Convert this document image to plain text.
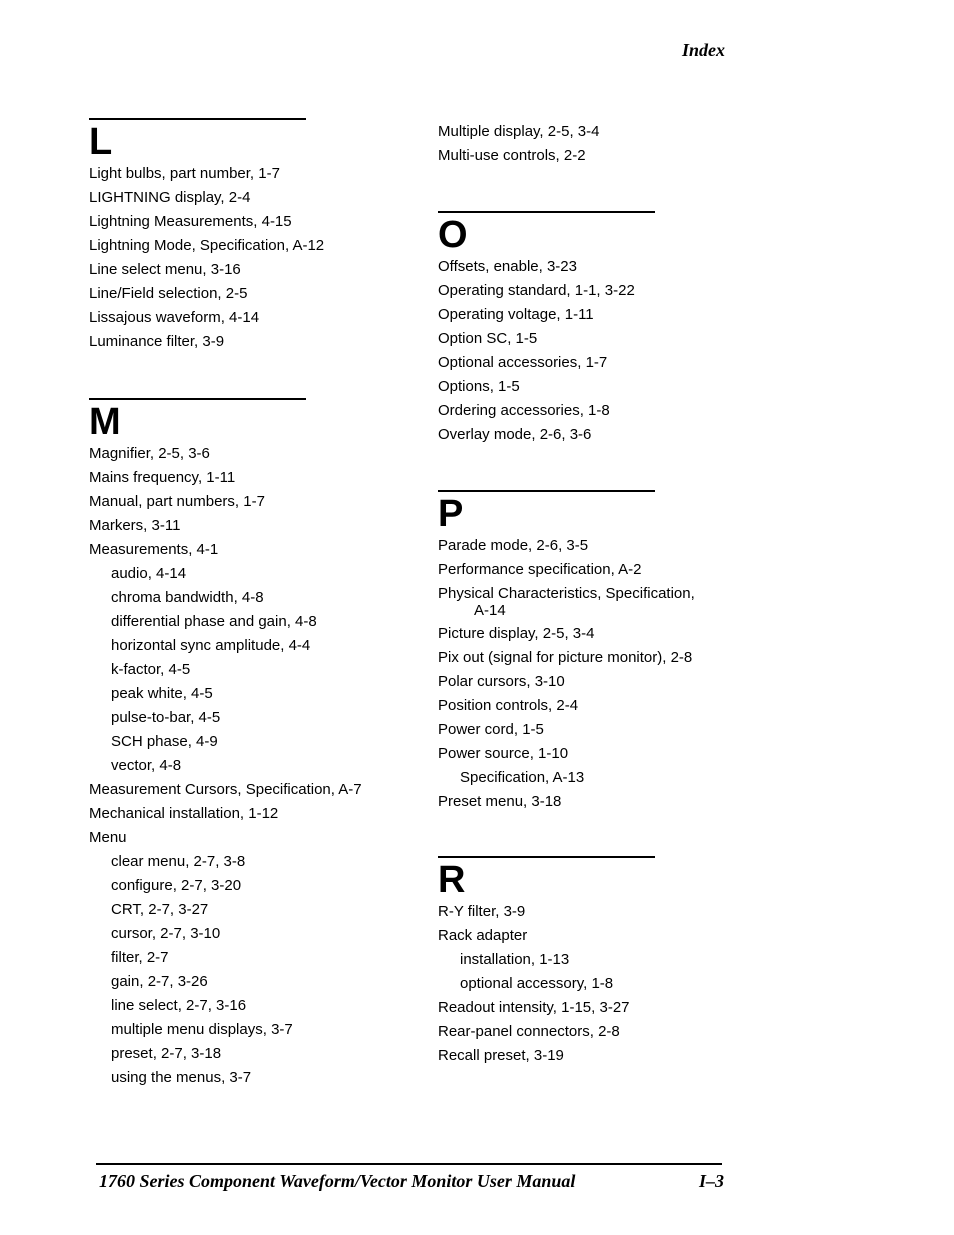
Index
L
Light bulbs, part number, 1-7
LIGHTNING display, 2-4
Lightning Measurements, 4-15
Lightning Mode, Specification, A-12
Line select menu, 3-16
Line/Field selection, 2-5
Lissajous waveform, 4-14
Luminance filter, 3-9
M
Magnifier, 2-5, 3-6
Mains frequency, 1-11
Manual, part numbers, 1-7
Markers, 3-11
Measurements, 4-1
audio, 4-14
chroma bandwidth, 4-8
differential phase and gain, 4-8
horizontal sync amplitude, 4-4
k-factor, 4-5
peak white, 4-5
pulse-to-bar, 4-5
SCH phase, 4-9
vector, 4-8
Measurement Cursors, Specification, A-7
Mechanical installation, 1-12
Menu
clear menu, 2-7, 3-8
configure, 2-7, 3-20
CRT, 2-7, 3-27
cursor, 2-7, 3-10
filter, 2-7
gain, 2-7, 3-26
line select, 2-7, 3-16
multiple menu displays, 3-7
preset, 2-7, 3-18
using the menus, 3-7
Multiple display, 2-5, 3-4
Multi-use controls, 2-2
O
Offsets, enable, 3-23
Operating standard, 1-1, 3-22
Operating voltage, 1-11
Option SC, 1-5
Optional accessories, 1-7
Options, 1-5
Ordering accessories, 1-8
Overlay mode, 2-6, 3-6
P
Parade mode, 2-6, 3-5
Performance specification, A-2
Physical Characteristics, Specification,
A-14
Picture display, 2-5, 3-4
Pix out (signal for picture monitor), 2-8
Polar cursors, 3-10
Position controls, 2-4
Power cord, 1-5
Power source, 1-10
Specification, A-13
Preset menu, 3-18
R
R-Y filter, 3-9
Rack adapter
installation, 1-13
optional accessory, 1-8
Readout intensity, 1-15, 3-27
Rear-panel connectors, 2-8
Recall preset, 3-19
1760 Series Component Waveform/Vector Monitor User Manual	I–3
